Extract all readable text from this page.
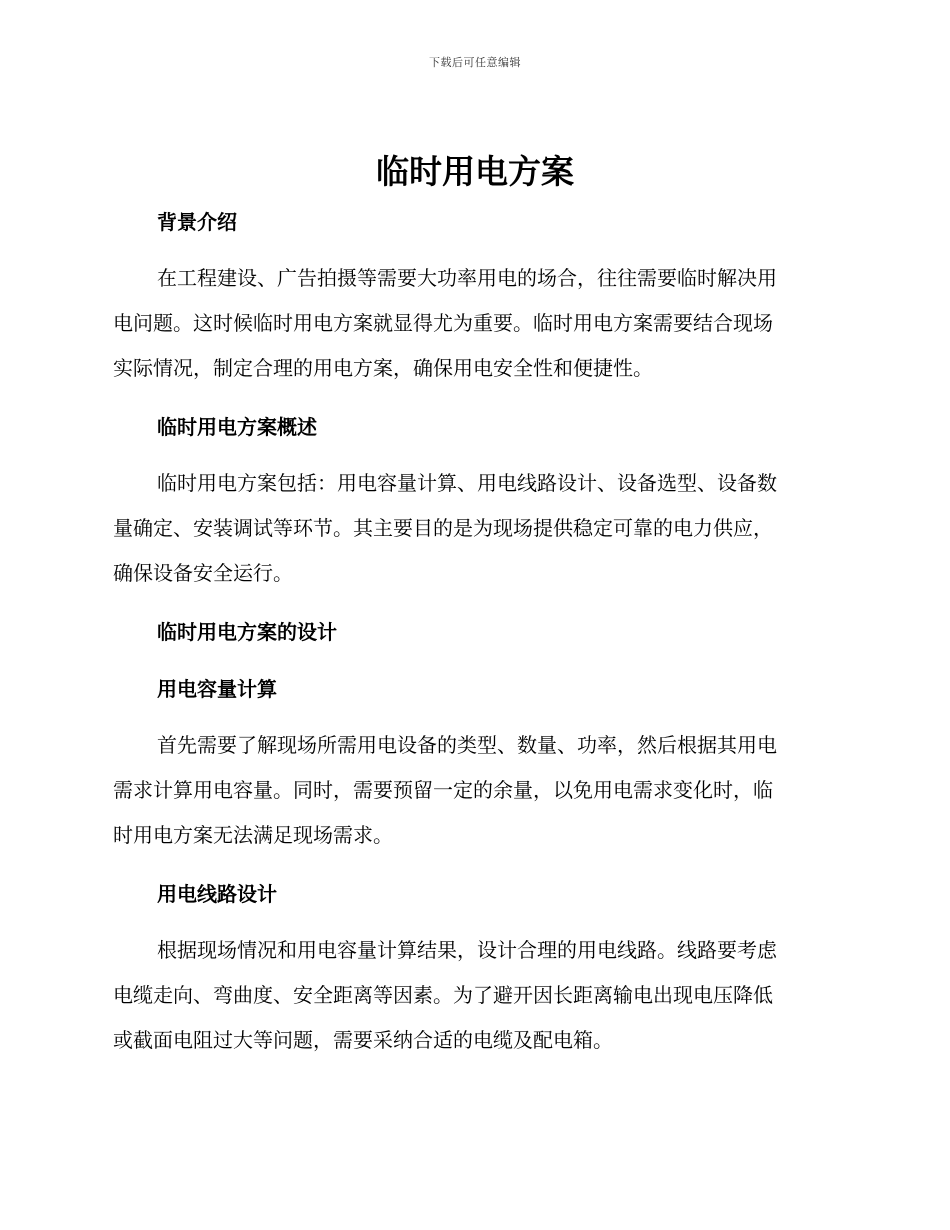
下载后可任意编辑
临时用电方案
背景介绍

在工程建设、广告拍摄等需要大功率用电的场合，往往需要临时解决用
电问题。这时候临时用电方案就显得尤为重要。临时用电方案需要结合现场
实际情况，制定合理的用电方案，确保用电安全性和便捷性。

临时用电方案概述

临时用电方案包括：用电容量计算、用电线路设计、设备选型、设备数
量确定、安装调试等环节。其主要目的是为现场提供稳定可靠的电力供应，
确保设备安全运行。

临时用电方案的设计
用电容量计算

首先需要了解现场所需用电设备的类型、数量、功率，然后根据其用电
需求计算用电容量。同时，需要预留一定的余量，以免用电需求变化时，临
时用电方案无法满足现场需求。

用电线路设计

根据现场情况和用电容量计算结果，设计合理的用电线路。线路要考虑
电缆走向、弯曲度、安全距离等因素。为了避开因长距离输电出现电压降低
或截面电阻过大等问题，需要采纳合适的电缆及配电箱。
